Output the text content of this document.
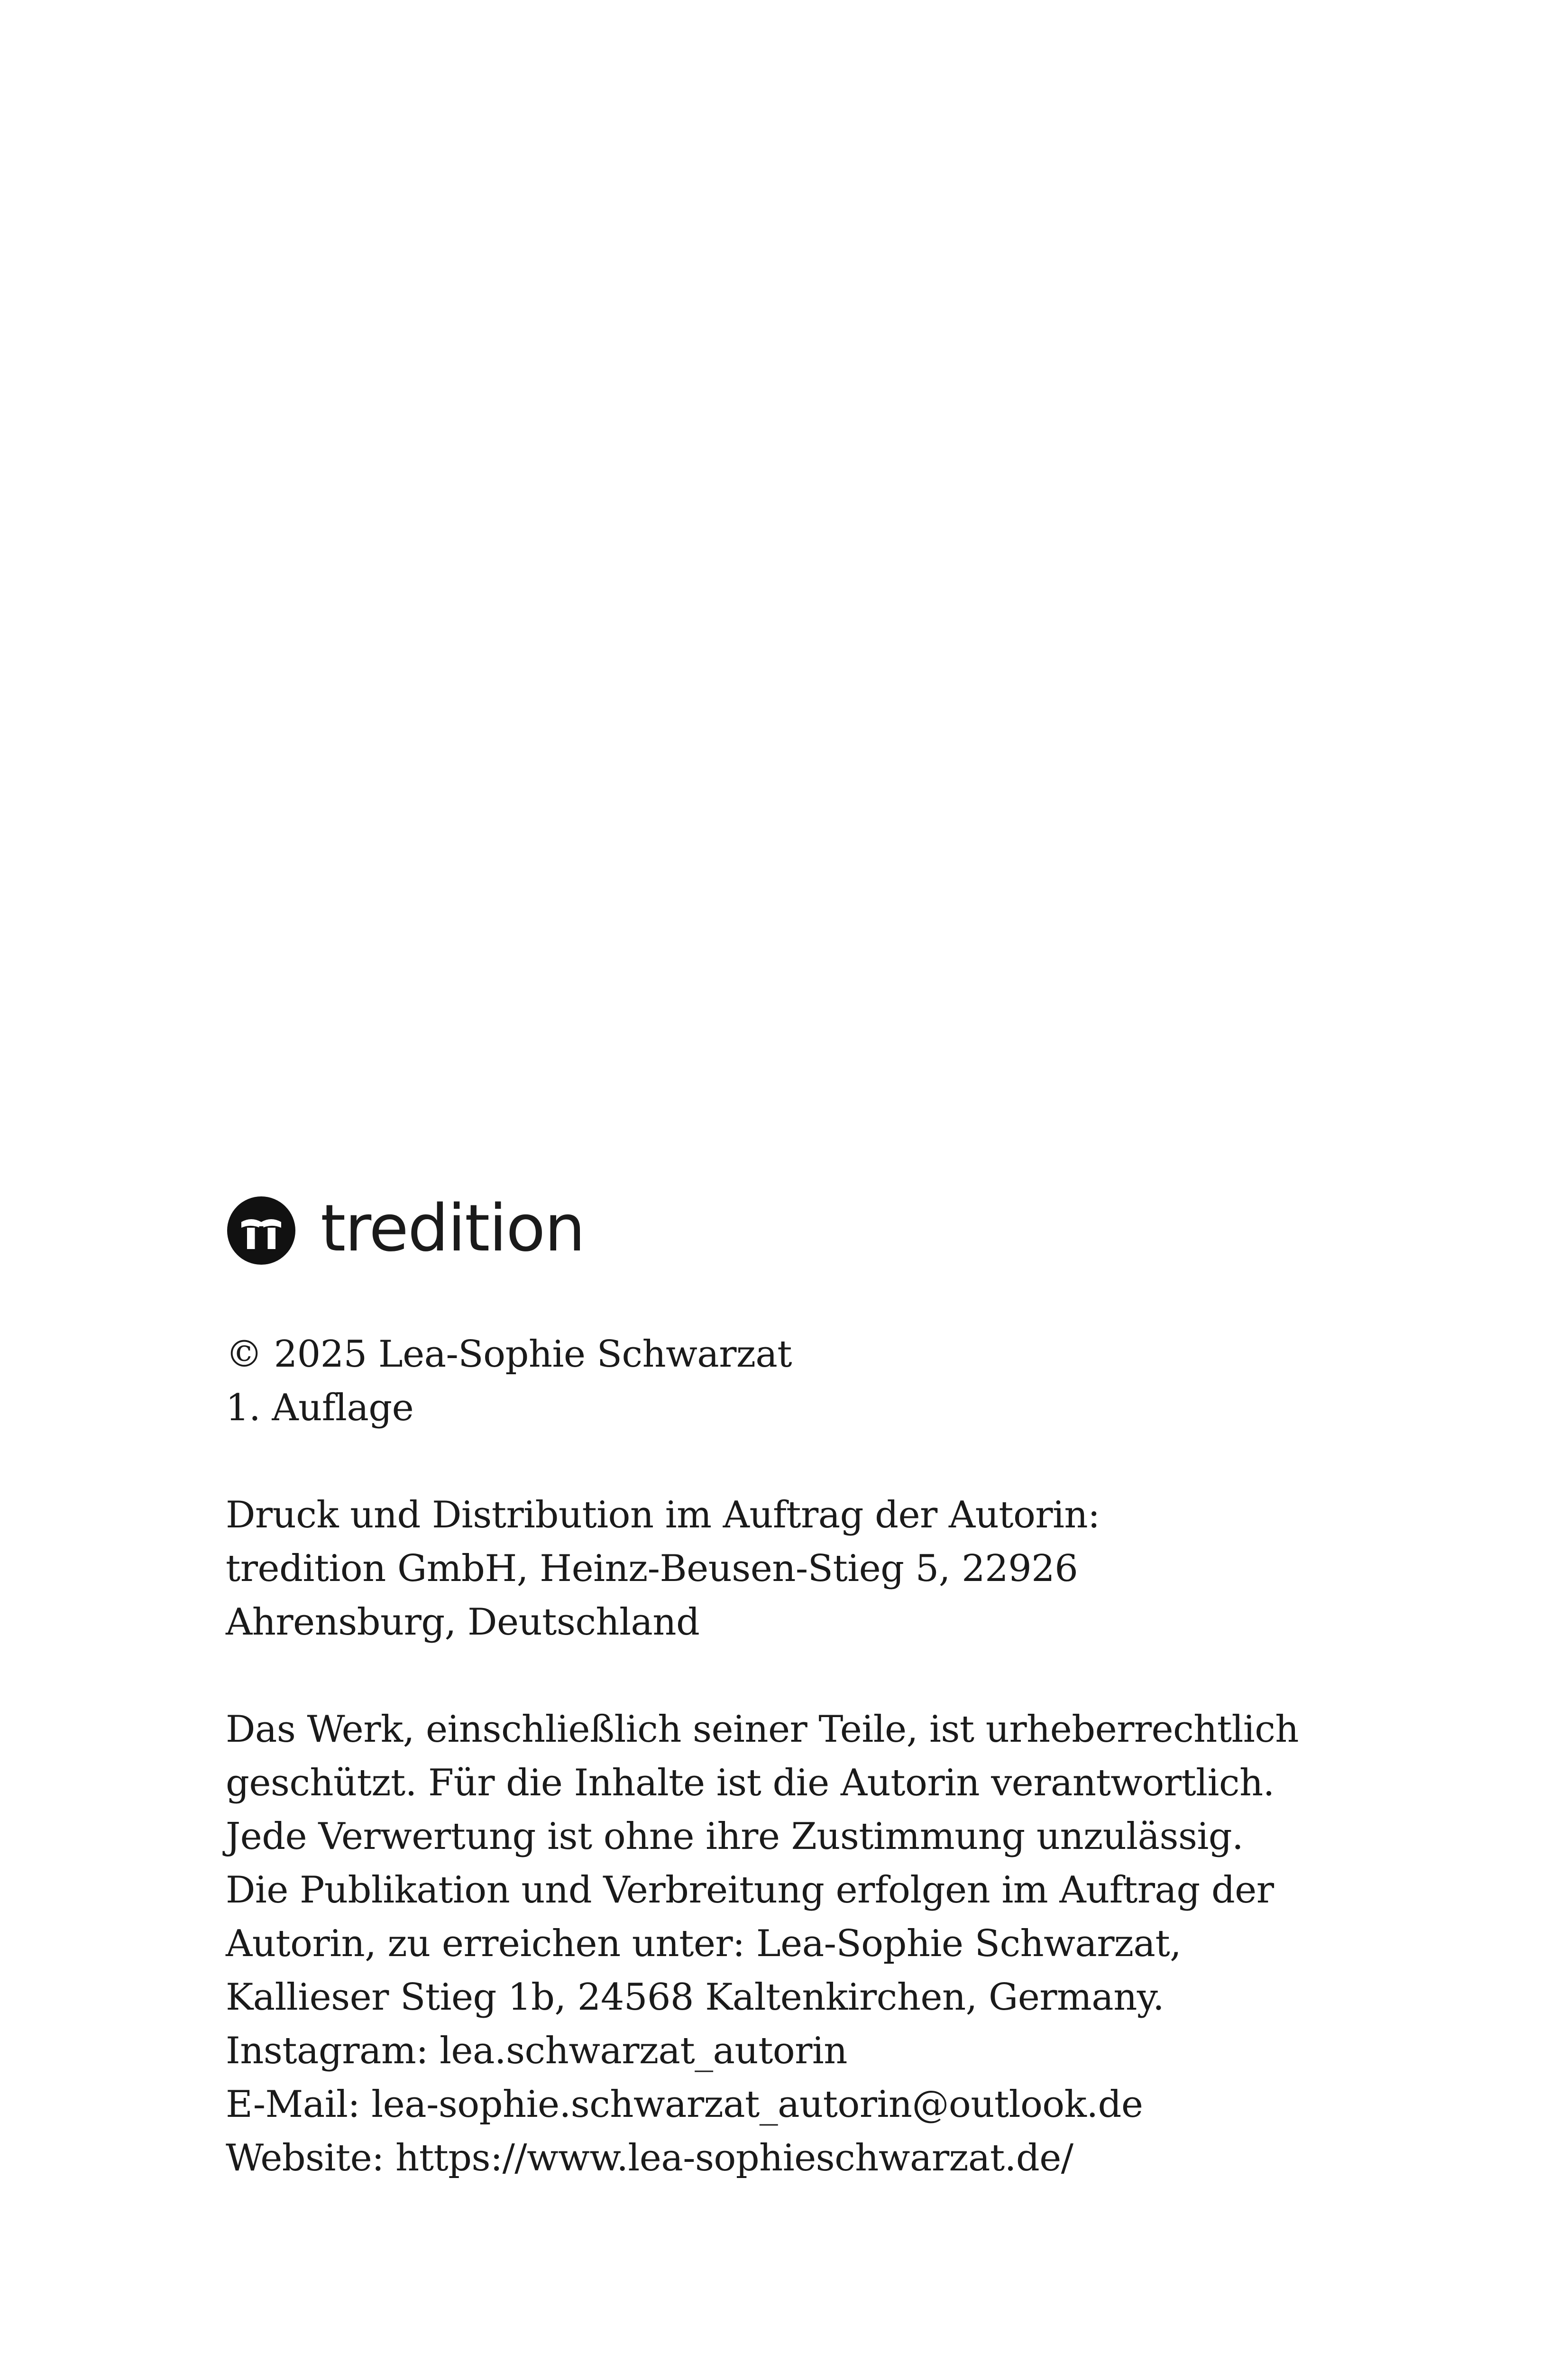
tredition
© 2025 Lea-Sophie Schwarzat
1. Auflage
Druck und Distribution im Auftrag der Autorin:
tredition GmbH, Heinz-Beusen-Stieg 5, 22926
Ahrensburg, Deutschland
Das Werk, einschließlich seiner Teile, ist urheberrechtlich
geschützt. Für die Inhalte ist die Autorin verantwortlich.
Jede Verwertung ist ohne ihre Zustimmung unzulässig.
Die Publikation und Verbreitung erfolgen im Auftrag der
Autorin, zu erreichen unter: Lea-Sophie Schwarzat,
Kallieser Stieg 1b, 24568 Kaltenkirchen, Germany.
Instagram: lea.schwarzat_autorin
E-Mail: lea-sophie.schwarzat_autorin@outlook.de
Website: https://www.lea-sophieschwarzat.de/
